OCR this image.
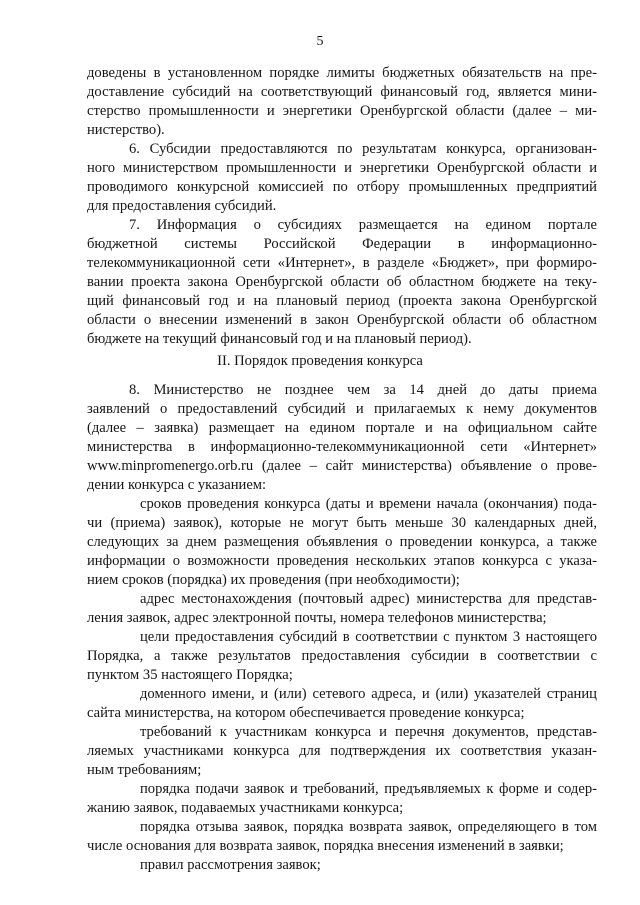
5
доведены в установленном порядке лимиты бюджетных обязательств на пре-
доставление субсидий на соответствующий финансовый год, является мини-
стерство промышленности и энергетики Оренбургской области (далее – ми-
нистерство).
6. Субсидии предоставляются по результатам конкурса, организован-
ного министерством промышленности и энергетики Оренбургской области и
проводимого конкурсной комиссией по отбору промышленных предприятий
для предоставления субсидий.
7. Информация о субсидиях размещается на едином портале
бюджетной системы Российской Федерации в информационно-
телекоммуникационной сети «Интернет», в разделе «Бюджет», при формиро-
вании проекта закона Оренбургской области об областном бюджете на теку-
щий финансовый год и на плановый период (проекта закона Оренбургской
области о внесении изменений в закон Оренбургской области об областном
бюджете на текущий финансовый год и на плановый период).
II. Порядок проведения конкурса
8. Министерство не позднее чем за 14 дней до даты приема
заявлений о предоставлений субсидий и прилагаемых к нему документов
(далее – заявка) размещает на едином портале и на официальном сайте
министерства в информационно-телекоммуникационной сети «Интернет»
www.minpromenergo.orb.ru (далее – сайт министерства) объявление о прове-
дении конкурса с указанием:
сроков проведения конкурса (даты и времени начала (окончания) пода-
чи (приема) заявок), которые не могут быть меньше 30 календарных дней,
следующих за днем размещения объявления о проведении конкурса, а также
информации о возможности проведения нескольких этапов конкурса с указа-
нием сроков (порядка) их проведения (при необходимости);
адрес местонахождения (почтовый адрес) министерства для представ-
ления заявок, адрес электронной почты, номера телефонов министерства;
цели предоставления субсидий в соответствии с пунктом 3 настоящего
Порядка, а также результатов предоставления субсидии в соответствии с
пунктом 35 настоящего Порядка;
доменного имени, и (или) сетевого адреса, и (или) указателей страниц
сайта министерства, на котором обеспечивается проведение конкурса;
требований к участникам конкурса и перечня документов, представ-
ляемых участниками конкурса для подтверждения их соответствия указан-
ным требованиям;
порядка подачи заявок и требований, предъявляемых к форме и содер-
жанию заявок, подаваемых участниками конкурса;
порядка отзыва заявок, порядка возврата заявок, определяющего в том
числе основания для возврата заявок, порядка внесения изменений в заявки;
правил рассмотрения заявок;
